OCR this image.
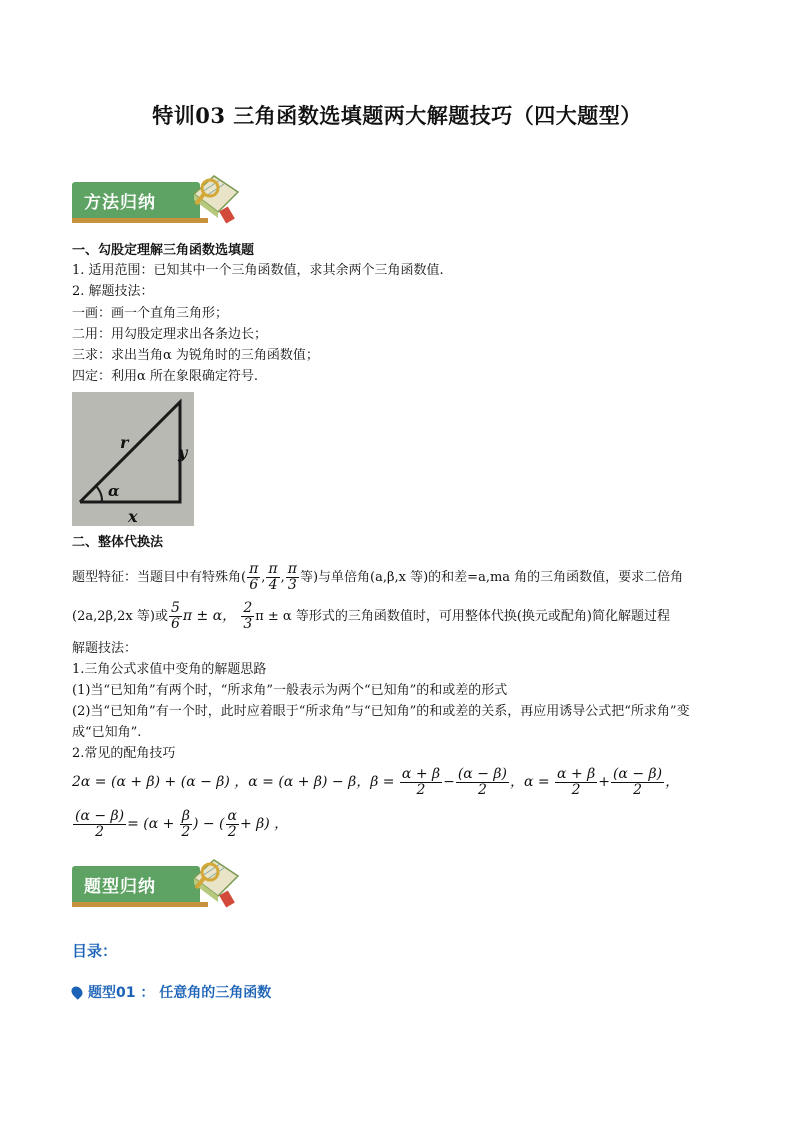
特训03 三角函数选填题两大解题技巧（四大题型）
方法归纳
一、勾股定理解三角函数选填题
1. 适用范围：已知其中一个三角函数值，求其余两个三角函数值.
2. 解题技法：
一画：画一个直角三角形；
二用：用勾股定理求出各条边长；
三求：求出当角α 为锐角时的三角函数值；
四定：利用α 所在象限确定符号.
r
y
x
α
二、整体代换法
题型特征：当题目中有特殊角( $\frac{\pi}{6}$ , $\frac{\pi}{4}$ , $\frac{\pi}{3}$ 等)与单倍角(a,β,x 等)的和差=a,ma 角的三角函数值，要求二倍角
(2a,2β,2x 等)或 $\frac{5}{6}$ π ± α， $\frac{2}{3}$ π ± α 等形式的三角函数值时，可用整体代换(换元或配角)简化解题过程
解题技法：
1.三角公式求值中变角的解题思路
(1)当“已知角”有两个时，“所求角”一般表示为两个“已知角”的和或差的形式
(2)当“已知角”有一个时，此时应着眼于“所求角”与“已知角”的和或差的关系，再应用诱导公式把“所求角”变
成“已知角”.
2.常见的配角技巧
2α = (α + β) + (α − β) ，α = (α + β) − β，$\beta = \frac{\alpha + \beta}{2} - \frac{(\alpha - \beta)}{2}$ ，$\alpha = \frac{\alpha + \beta}{2} + \frac{(\alpha - \beta)}{2}$ ，
$\frac{(\alpha - \beta)}{2} = (\alpha + \frac{\beta}{2}$ ) − ( $\frac{\alpha}{2} + \beta$) ，
题型归纳
目录：
题型01 ： 任意角的三角函数
